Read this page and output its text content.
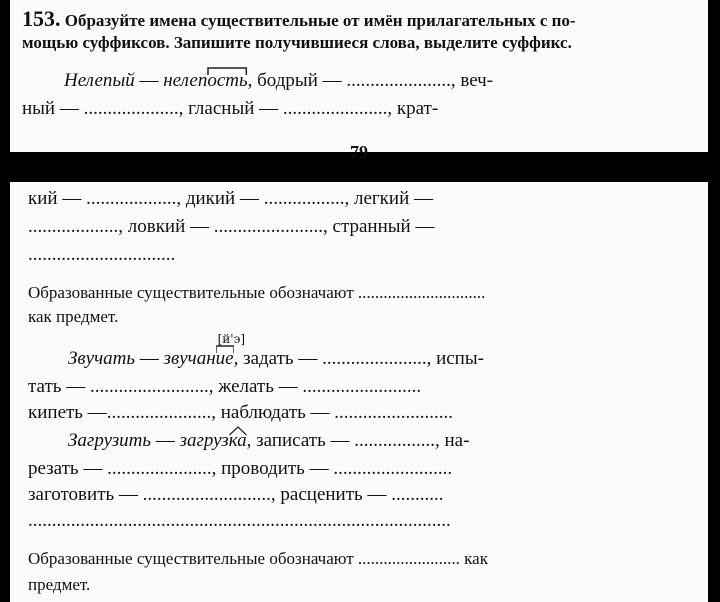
153. Образуйте имена существительные от имён прилагательных с по-
мощью суффиксов. Запишите получившиеся слова, выделите суффикс.
Нелепый — нелепость
, бодрый — ......................, веч-
ный — ...................., гласный — ......................, крат-
79
кий — ..................., дикий — ................., легкий —
..................., ловкий — ......................., странный —
...............................
Образованные существительные обозначают ..............................
как предмет.
Звучать — звучание
[й'э]
, задать — ......................, испы-
тать — ........................., желать — .........................
кипеть —......................, наблюдать — .........................
Загрузить — загрузка
, записать — ................., на-
резать — ......................, проводить — .........................
заготовить — ..........................., расценить — ...........
.........................................................................................
Образованные существительные обозначают ........................ как
предмет.
